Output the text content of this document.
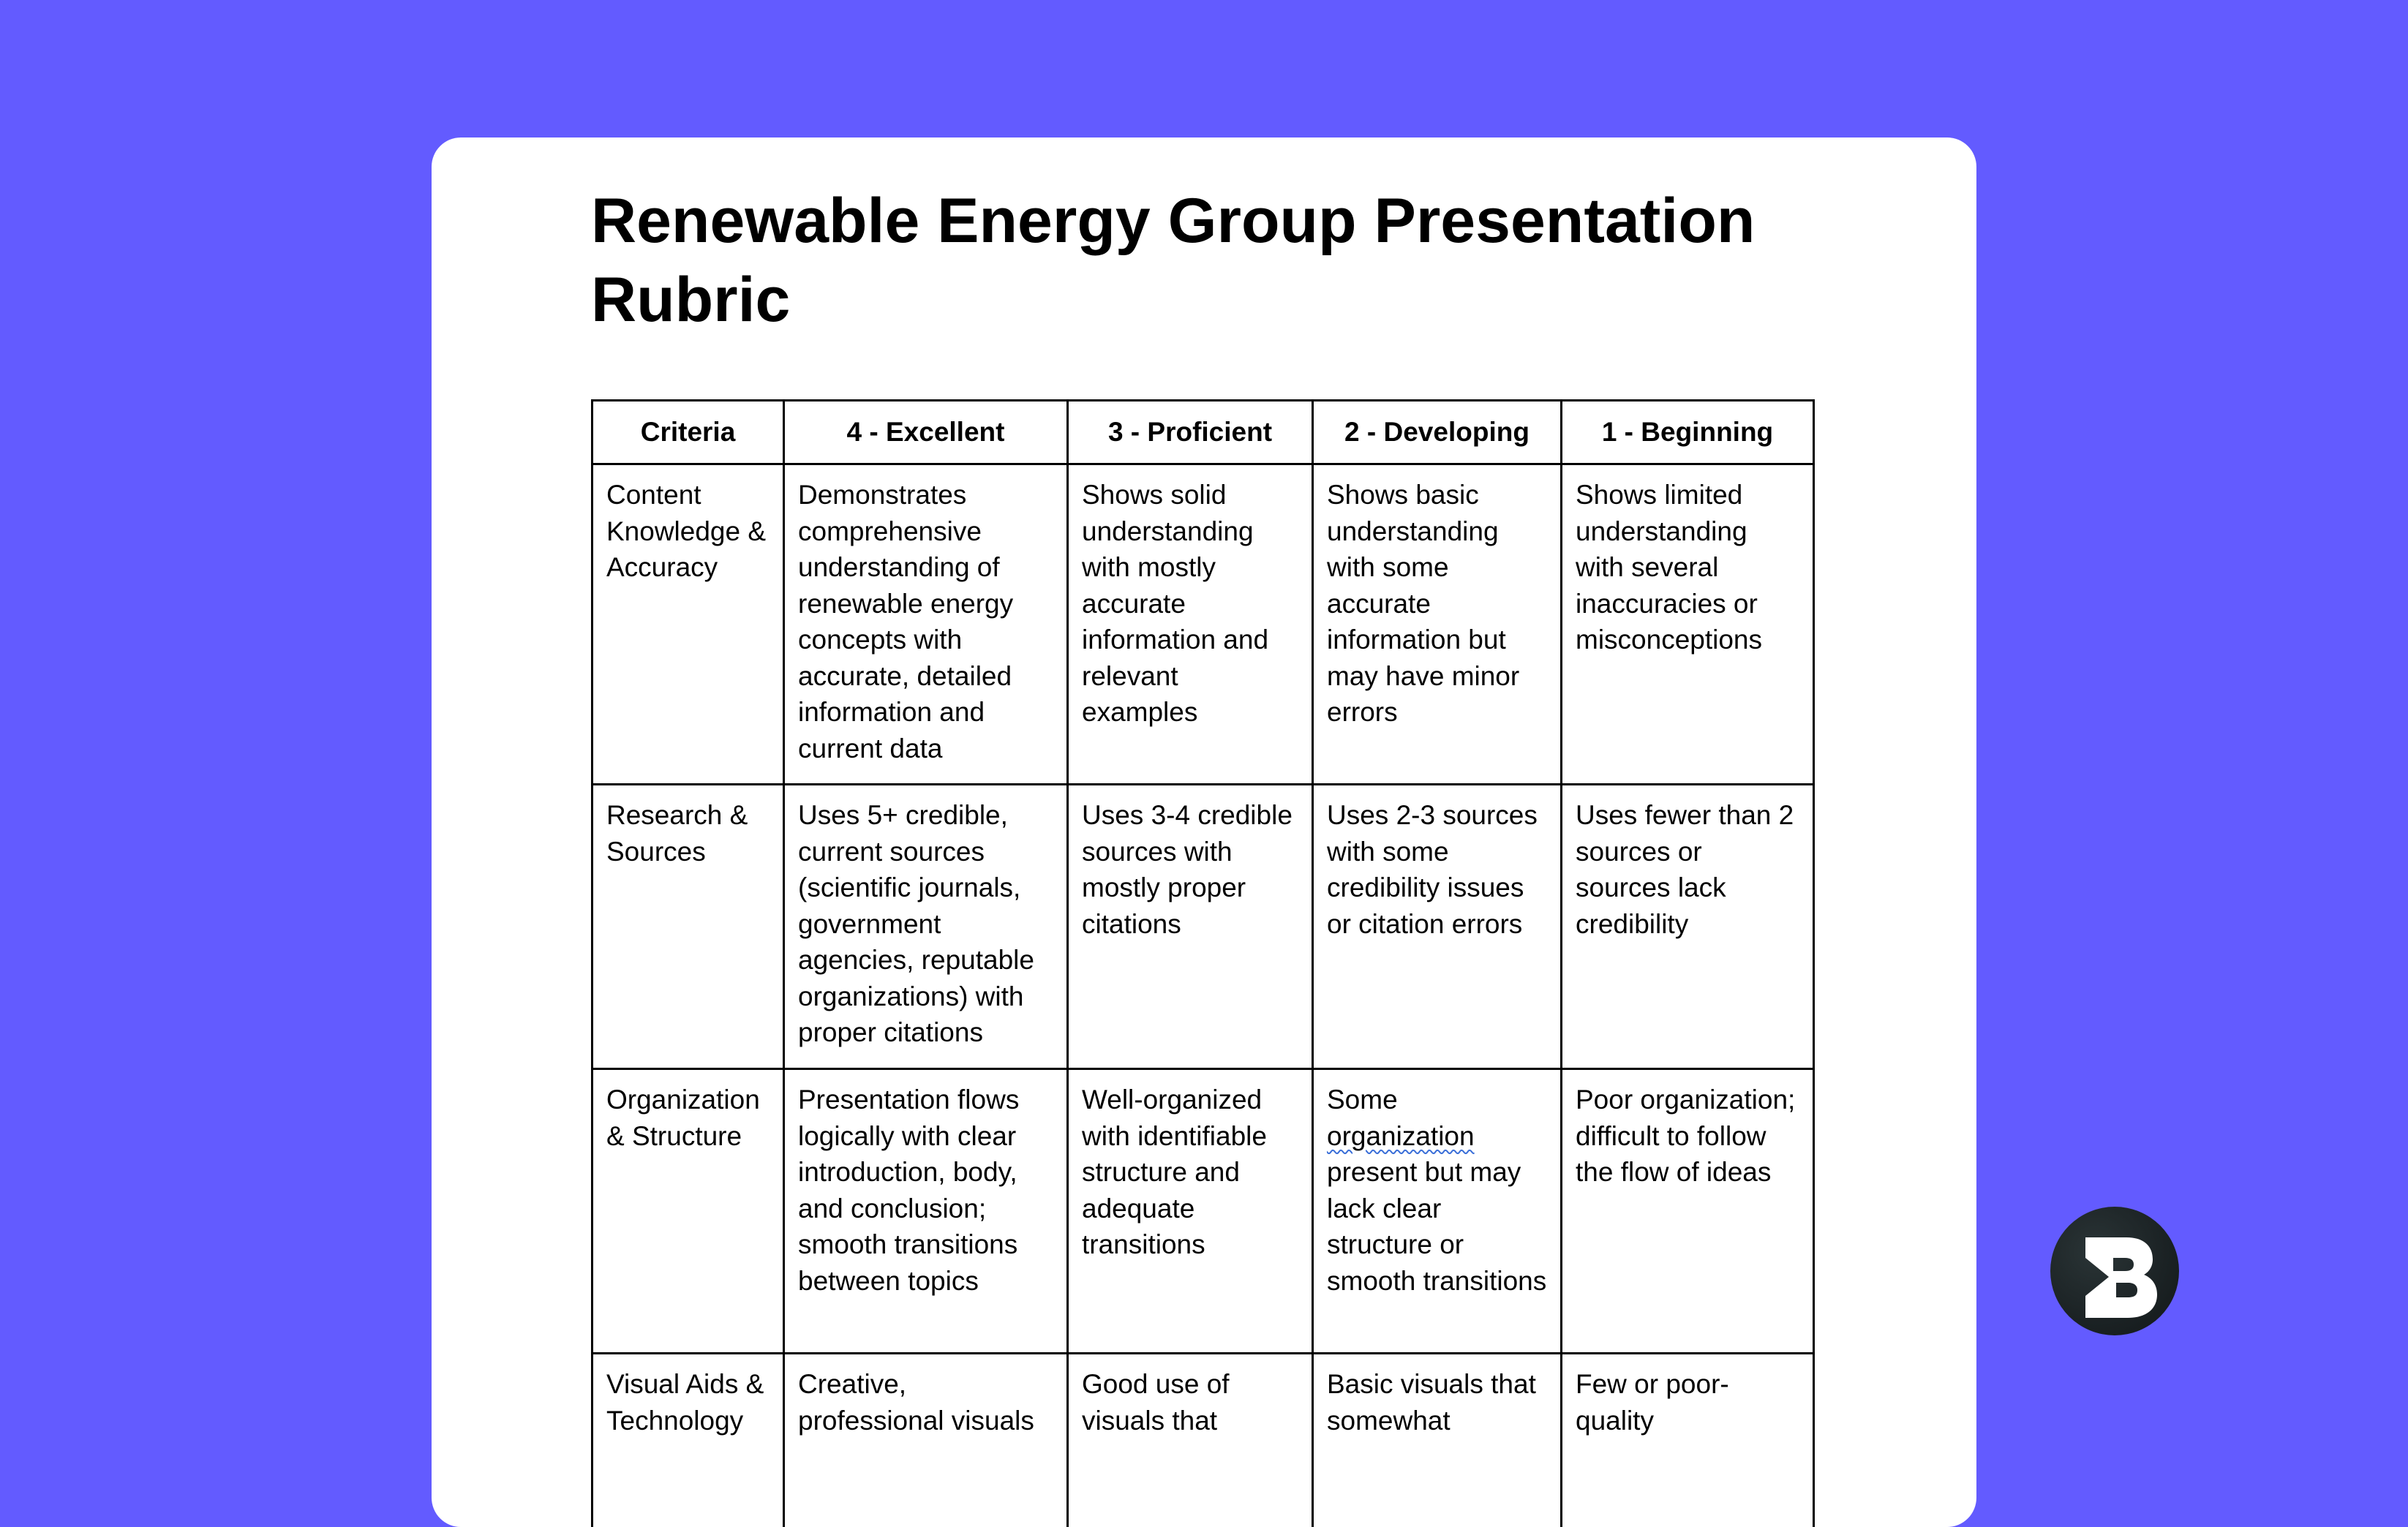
Renewable Energy Group Presentation Rubric
Criteria	4 - Excellent	3 - Proficient	2 - Developing	1 - Beginning
Content Knowledge & Accuracy	Demonstrates comprehensive understanding of renewable energy concepts with accurate, detailed information and current data	Shows solid understanding with mostly accurate information and relevant examples	Shows basic understanding with some accurate information but may have minor errors	Shows limited understanding with several inaccuracies or misconceptions
Research & Sources	Uses 5+ credible, current sources (scientific journals, government agencies, reputable organizations) with proper citations	Uses 3-4 credible sources with mostly proper citations	Uses 2-3 sources with some credibility issues or citation errors	Uses fewer than 2 sources or sources lack credibility
Organization & Structure	Presentation flows logically with clear introduction, body, and conclusion; smooth transitions between topics	Well-organized with identifiable structure and adequate transitions	Some organization present but may lack clear structure or smooth transitions	Poor organization; difficult to follow the flow of ideas
Visual Aids & Technology	Creative, professional visuals	Good use of visuals that	Basic visuals that somewhat	Few or poor-quality
